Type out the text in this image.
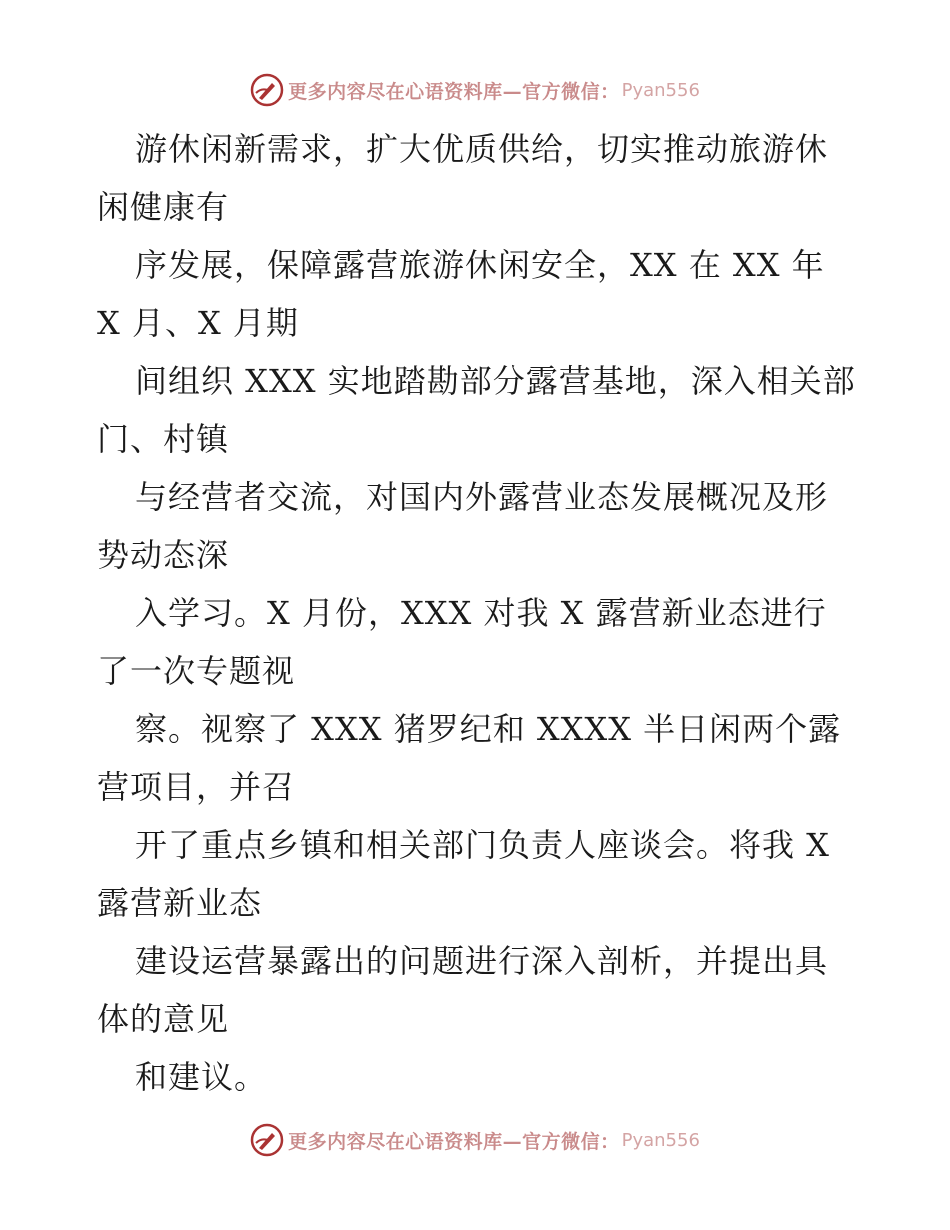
更多内容尽在心语资料库—官方微信： Pyan556

游休闲新需求，扩大优质供给，切实推动旅游休闲健康有

序发展，保障露营旅游休闲安全，XX 在 XX 年 X 月、X 月期

间组织 XXX 实地踏勘部分露营基地，深入相关部门、村镇

与经营者交流，对国内外露营业态发展概况及形势动态深

入学习。X 月份，XXX 对我 X 露营新业态进行了一次专题视

察。视察了 XXX 猪罗纪和 XXXX 半日闲两个露营项目，并召

开了重点乡镇和相关部门负责人座谈会。将我 X 露营新业态

建设运营暴露出的问题进行深入剖析，并提出具体的意见

和建议。

更多内容尽在心语资料库—官方微信： Pyan556
